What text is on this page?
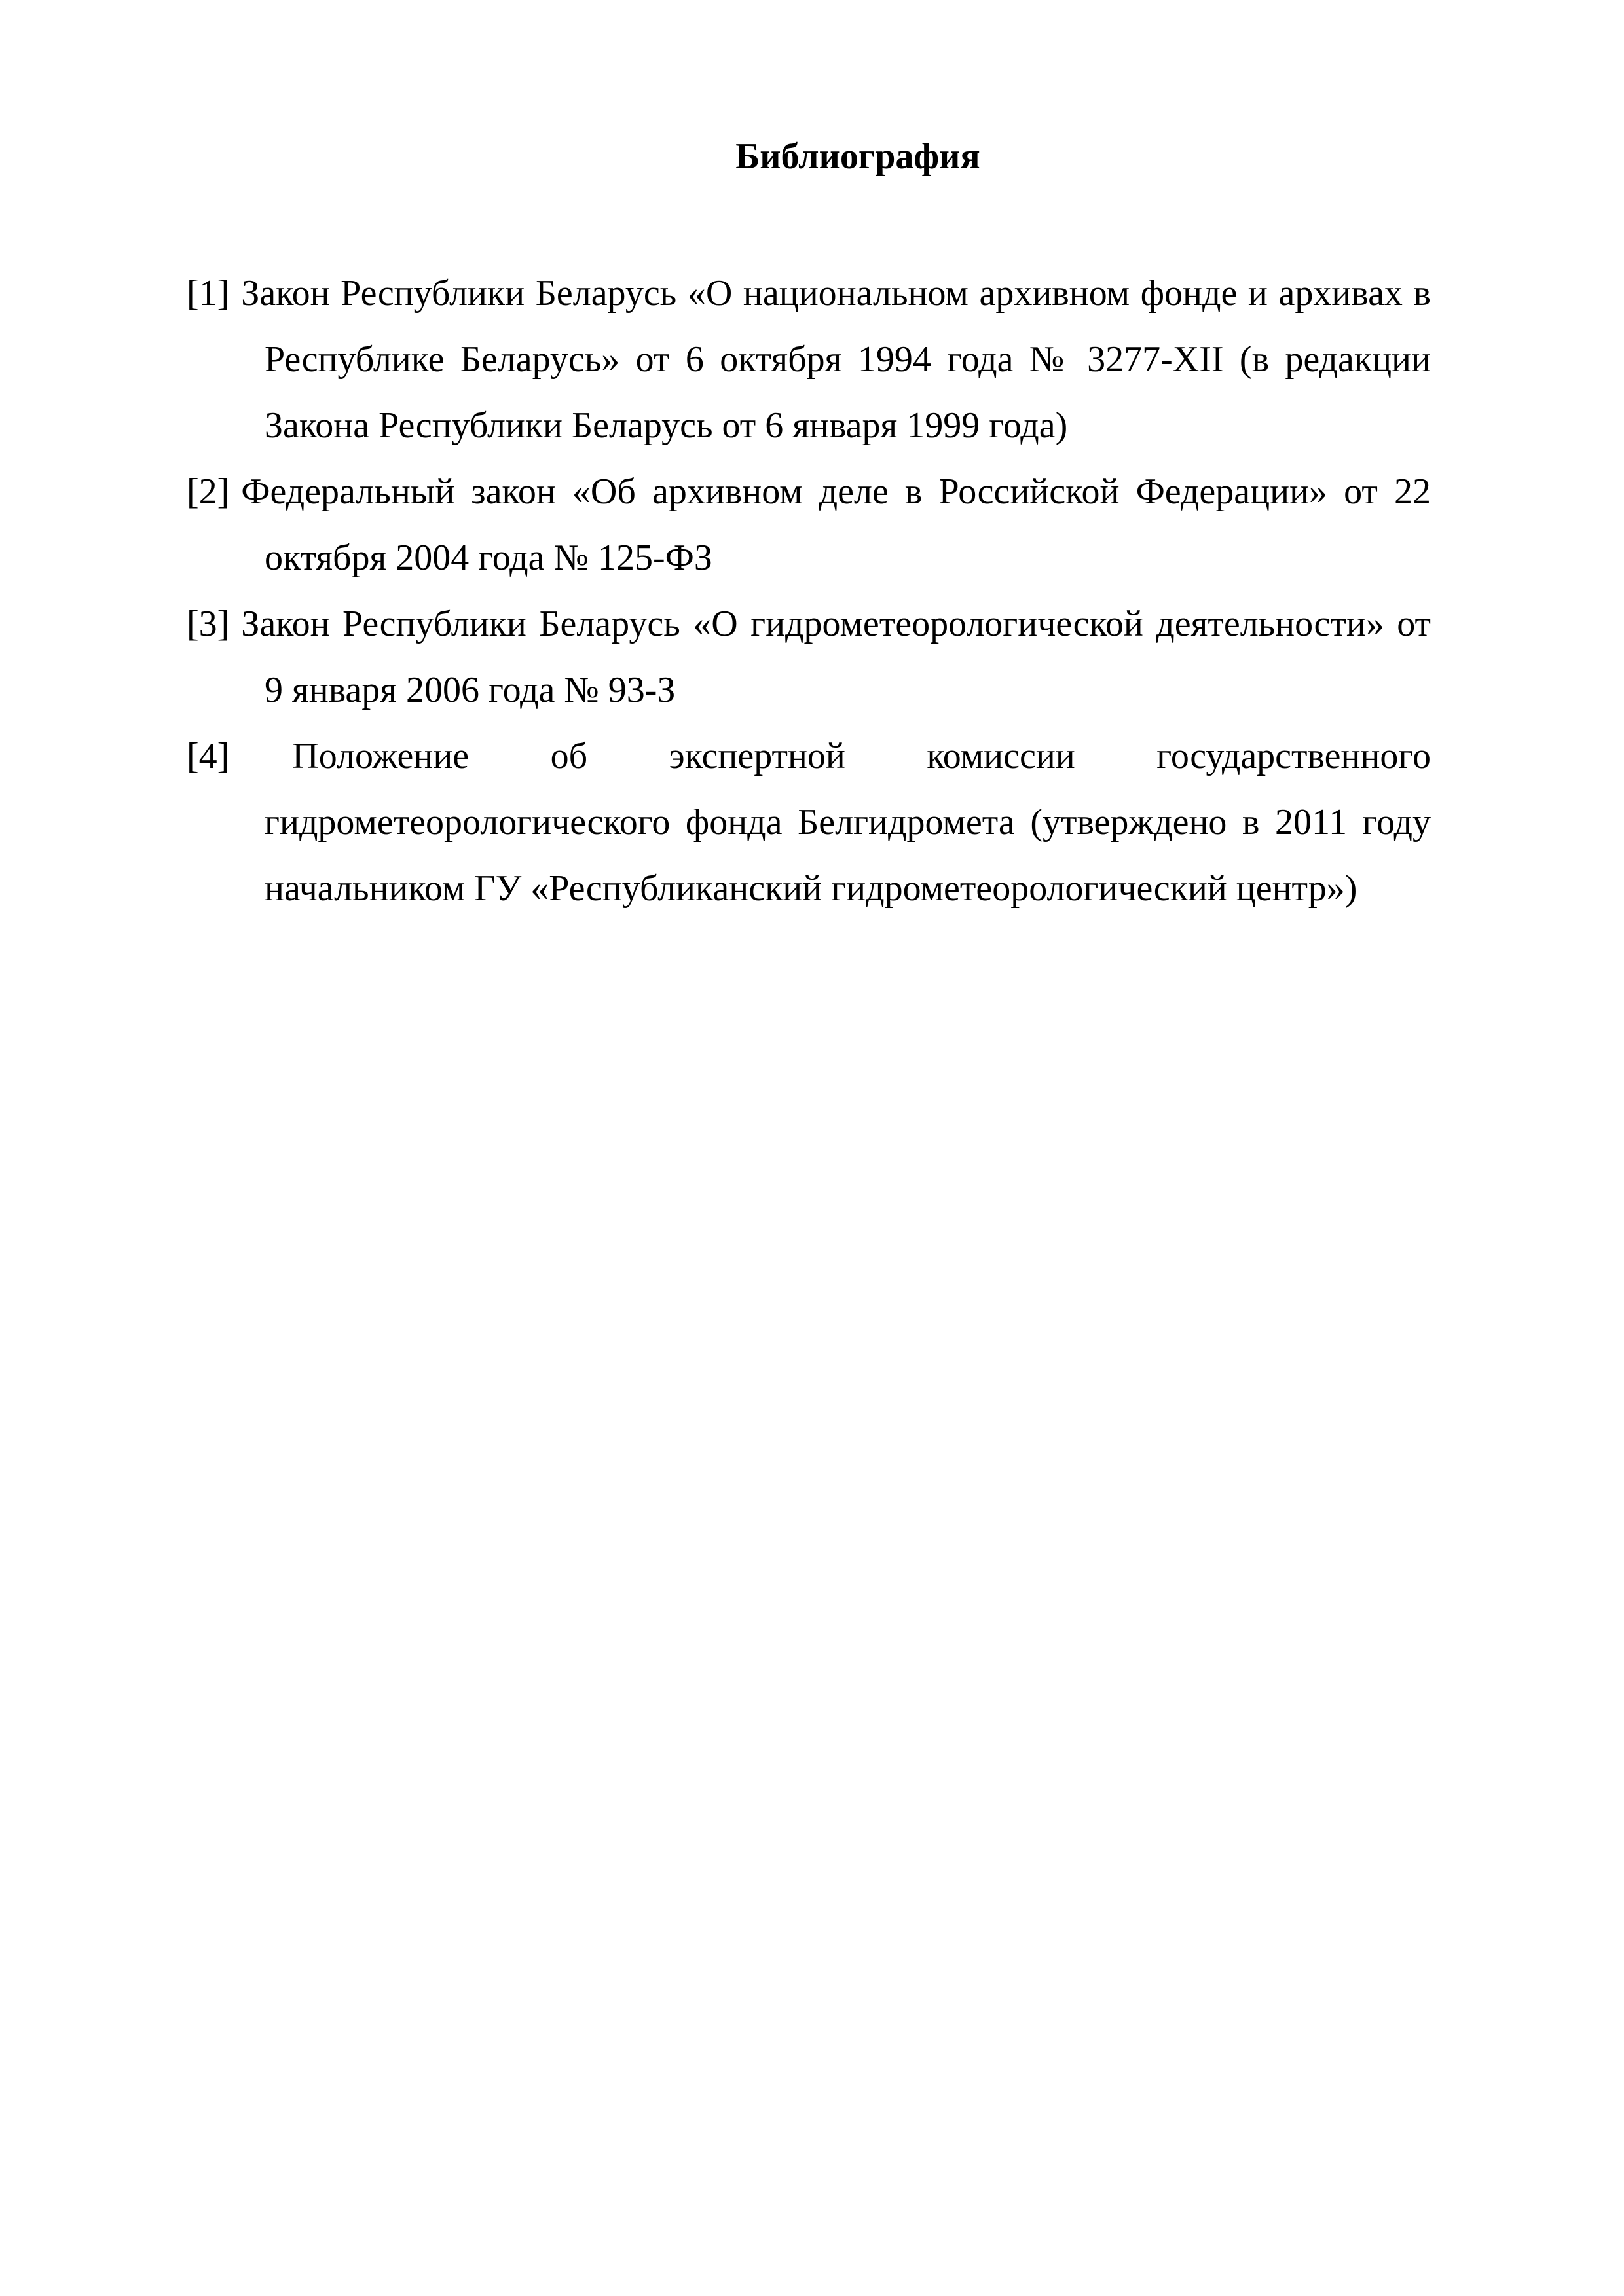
Библиография
[1] Закон Республики Беларусь «О национальном архивном фонде и архивах в Республике Беларусь» от 6 октября 1994 года № 3277-XII (в редакции Закона Республики Беларусь от 6 января 1999 года)
[2] Федеральный закон «Об архивном деле в Российской Федерации» от 22 октября 2004 года № 125-ФЗ
[3] Закон Республики Беларусь «О гидрометеорологической деятельности» от 9 января 2006 года № 93-З
[4] Положение об экспертной комиссии государственного гидрометеорологического фонда Белгидромета (утверждено в 2011 году начальником ГУ «Республиканский гидрометеорологический центр»)
